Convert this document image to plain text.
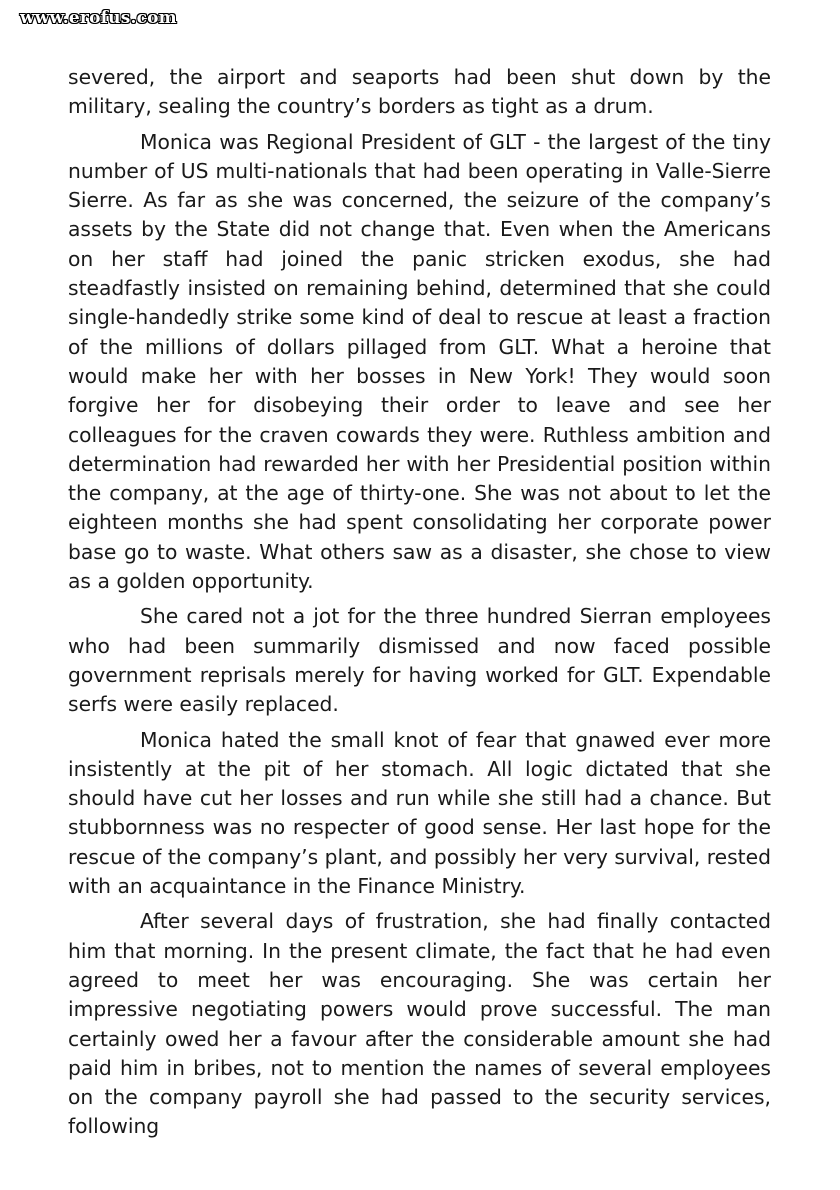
www.erofus.com

severed, the airport and seaports had been shut down by the military, sealing the country’s borders as tight as a drum.

Monica was Regional President of GLT - the largest of the tiny number of US multi-nationals that had been operating in Valle-Sierre Sierre. As far as she was concerned, the seizure of the company’s assets by the State did not change that. Even when the Americans on her staff had joined the panic stricken exodus, she had steadfastly insisted on remaining behind, determined that she could single-handedly strike some kind of deal to rescue at least a fraction of the millions of dollars pillaged from GLT. What a heroine that would make her with her bosses in New York! They would soon forgive her for disobeying their order to leave and see her colleagues for the craven cowards they were. Ruthless ambition and determination had rewarded her with her Presidential position within the company, at the age of thirty-one. She was not about to let the eighteen months she had spent consolidating her corporate power base go to waste. What others saw as a disaster, she chose to view as a golden opportunity.

She cared not a jot for the three hundred Sierran employees who had been summarily dismissed and now faced possible government reprisals merely for having worked for GLT. Expendable serfs were easily replaced.

Monica hated the small knot of fear that gnawed ever more insistently at the pit of her stomach. All logic dictated that she should have cut her losses and run while she still had a chance. But stubbornness was no respecter of good sense. Her last hope for the rescue of the company’s plant, and possibly her very survival, rested with an acquaintance in the Finance Ministry.

After several days of frustration, she had finally contacted him that morning. In the present climate, the fact that he had even agreed to meet her was encouraging. She was certain her impressive negotiating powers would prove successful. The man certainly owed her a favour after the considerable amount she had paid him in bribes, not to mention the names of several employees on the company payroll she had passed to the security services, following
